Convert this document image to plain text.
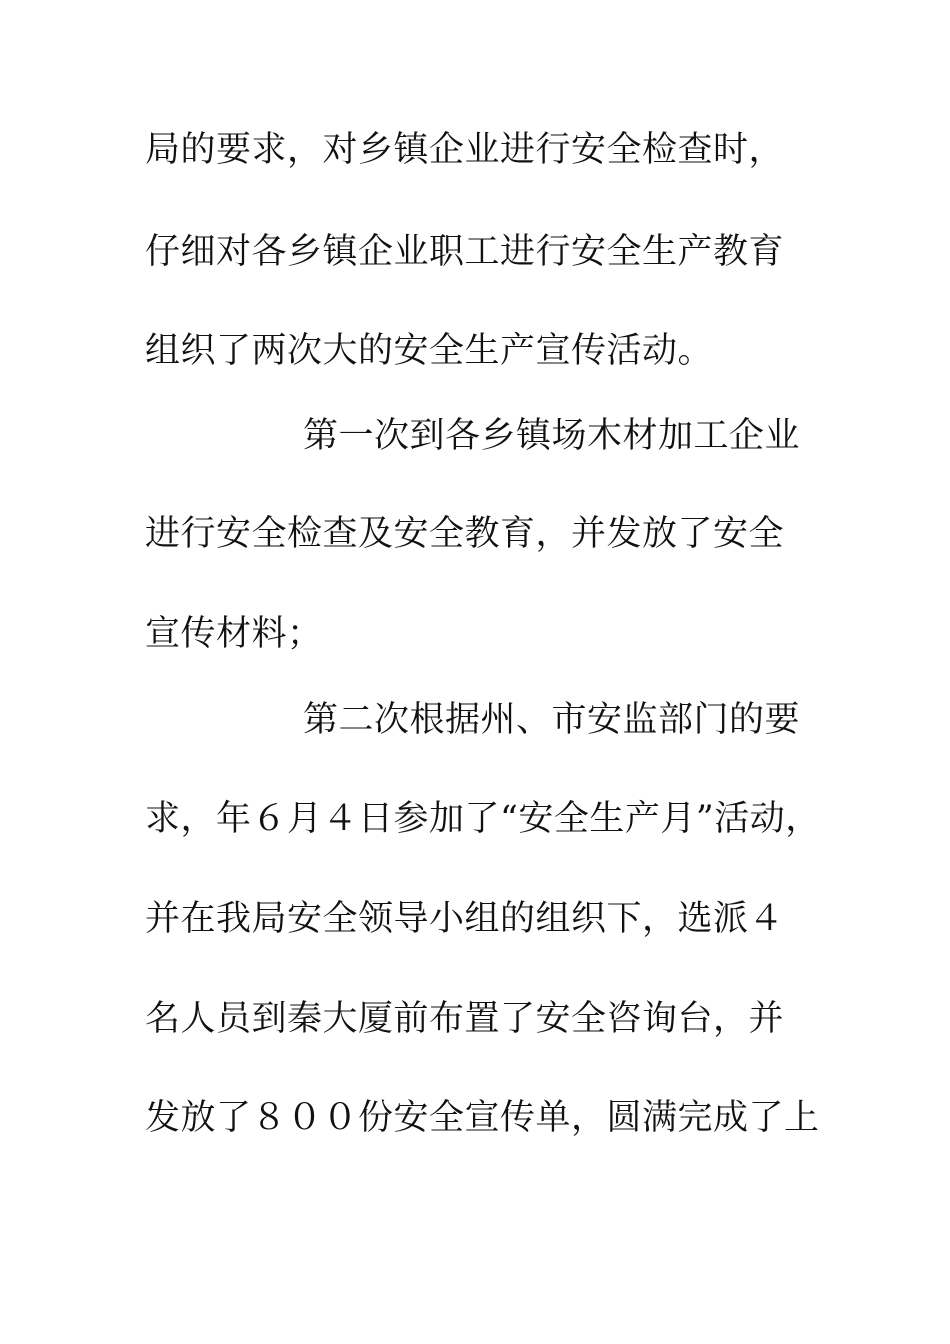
局的要求，对乡镇企业进行安全检查时，
仔细对各乡镇企业职工进行安全生产教育
组织了两次大的安全生产宣传活动。
第一次到各乡镇场木材加工企业
进行安全检查及安全教育，并发放了安全
宣传材料；
第二次根据州、市安监部门的要
求，年６月４日参加了“安全生产月”活动，
并在我局安全领导小组的组织下，选派４
名人员到秦大厦前布置了安全咨询台，并
发放了８００份安全宣传单，圆满完成了上
